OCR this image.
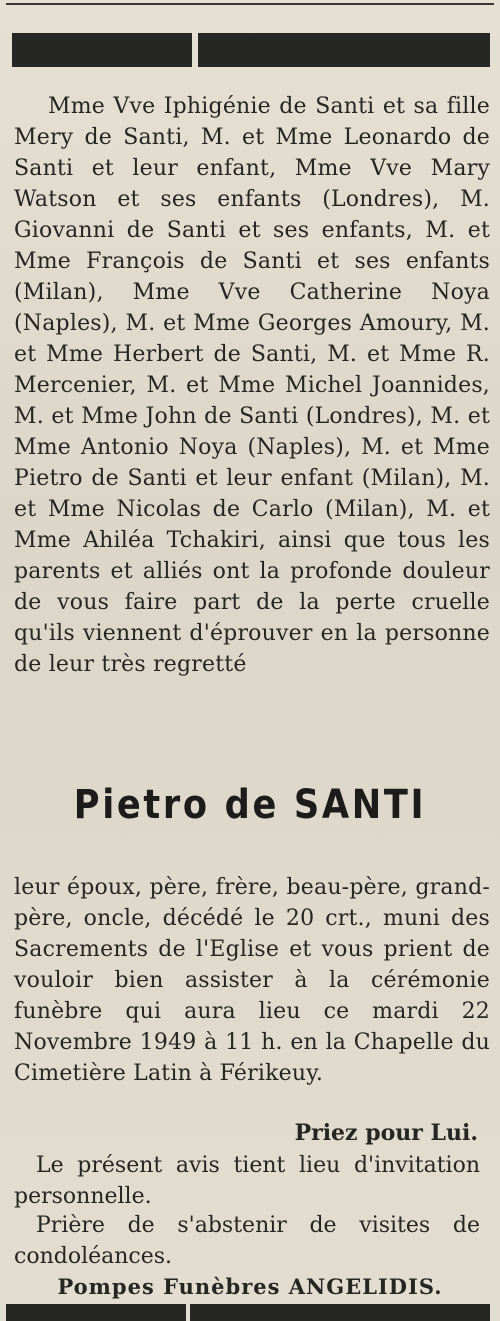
Mme Vve Iphigénie de Santi et sa fille Mery de Santi, M. et Mme Leonardo de Santi et leur enfant, Mme Vve Mary Watson et ses enfants (Londres), M. Giovanni de Santi et ses enfants, M. et Mme François de Santi et ses enfants (Milan), Mme Vve Catherine Noya (Naples), M. et Mme Georges Amoury, M. et Mme Herbert de Santi, M. et Mme R. Mercenier, M. et Mme Michel Joannides, M. et Mme John de Santi (Londres), M. et Mme Antonio Noya (Naples), M. et Mme Pietro de Santi et leur enfant (Milan), M. et Mme Nicolas de Carlo (Milan), M. et Mme Ahiléa Tchakiri, ainsi que tous les parents et alliés ont la profonde douleur de vous faire part de la perte cruelle qu'ils viennent d'éprouver en la personne de leur très regretté
Pietro de SANTI
leur époux, père, frère, beau-père, grand-père, oncle, décédé le 20 crt., muni des Sacrements de l'Eglise et vous prient de vouloir bien assister à la cérémonie funèbre qui aura lieu ce mardi 22 Novembre 1949 à 11 h. en la Chapelle du Cimetière Latin à Férikeuy.
Priez pour Lui.
Le présent avis tient lieu d'invitation personnelle.
Prière de s'abstenir de visites de condoléances.
Pompes Funèbres ANGELIDIS.
